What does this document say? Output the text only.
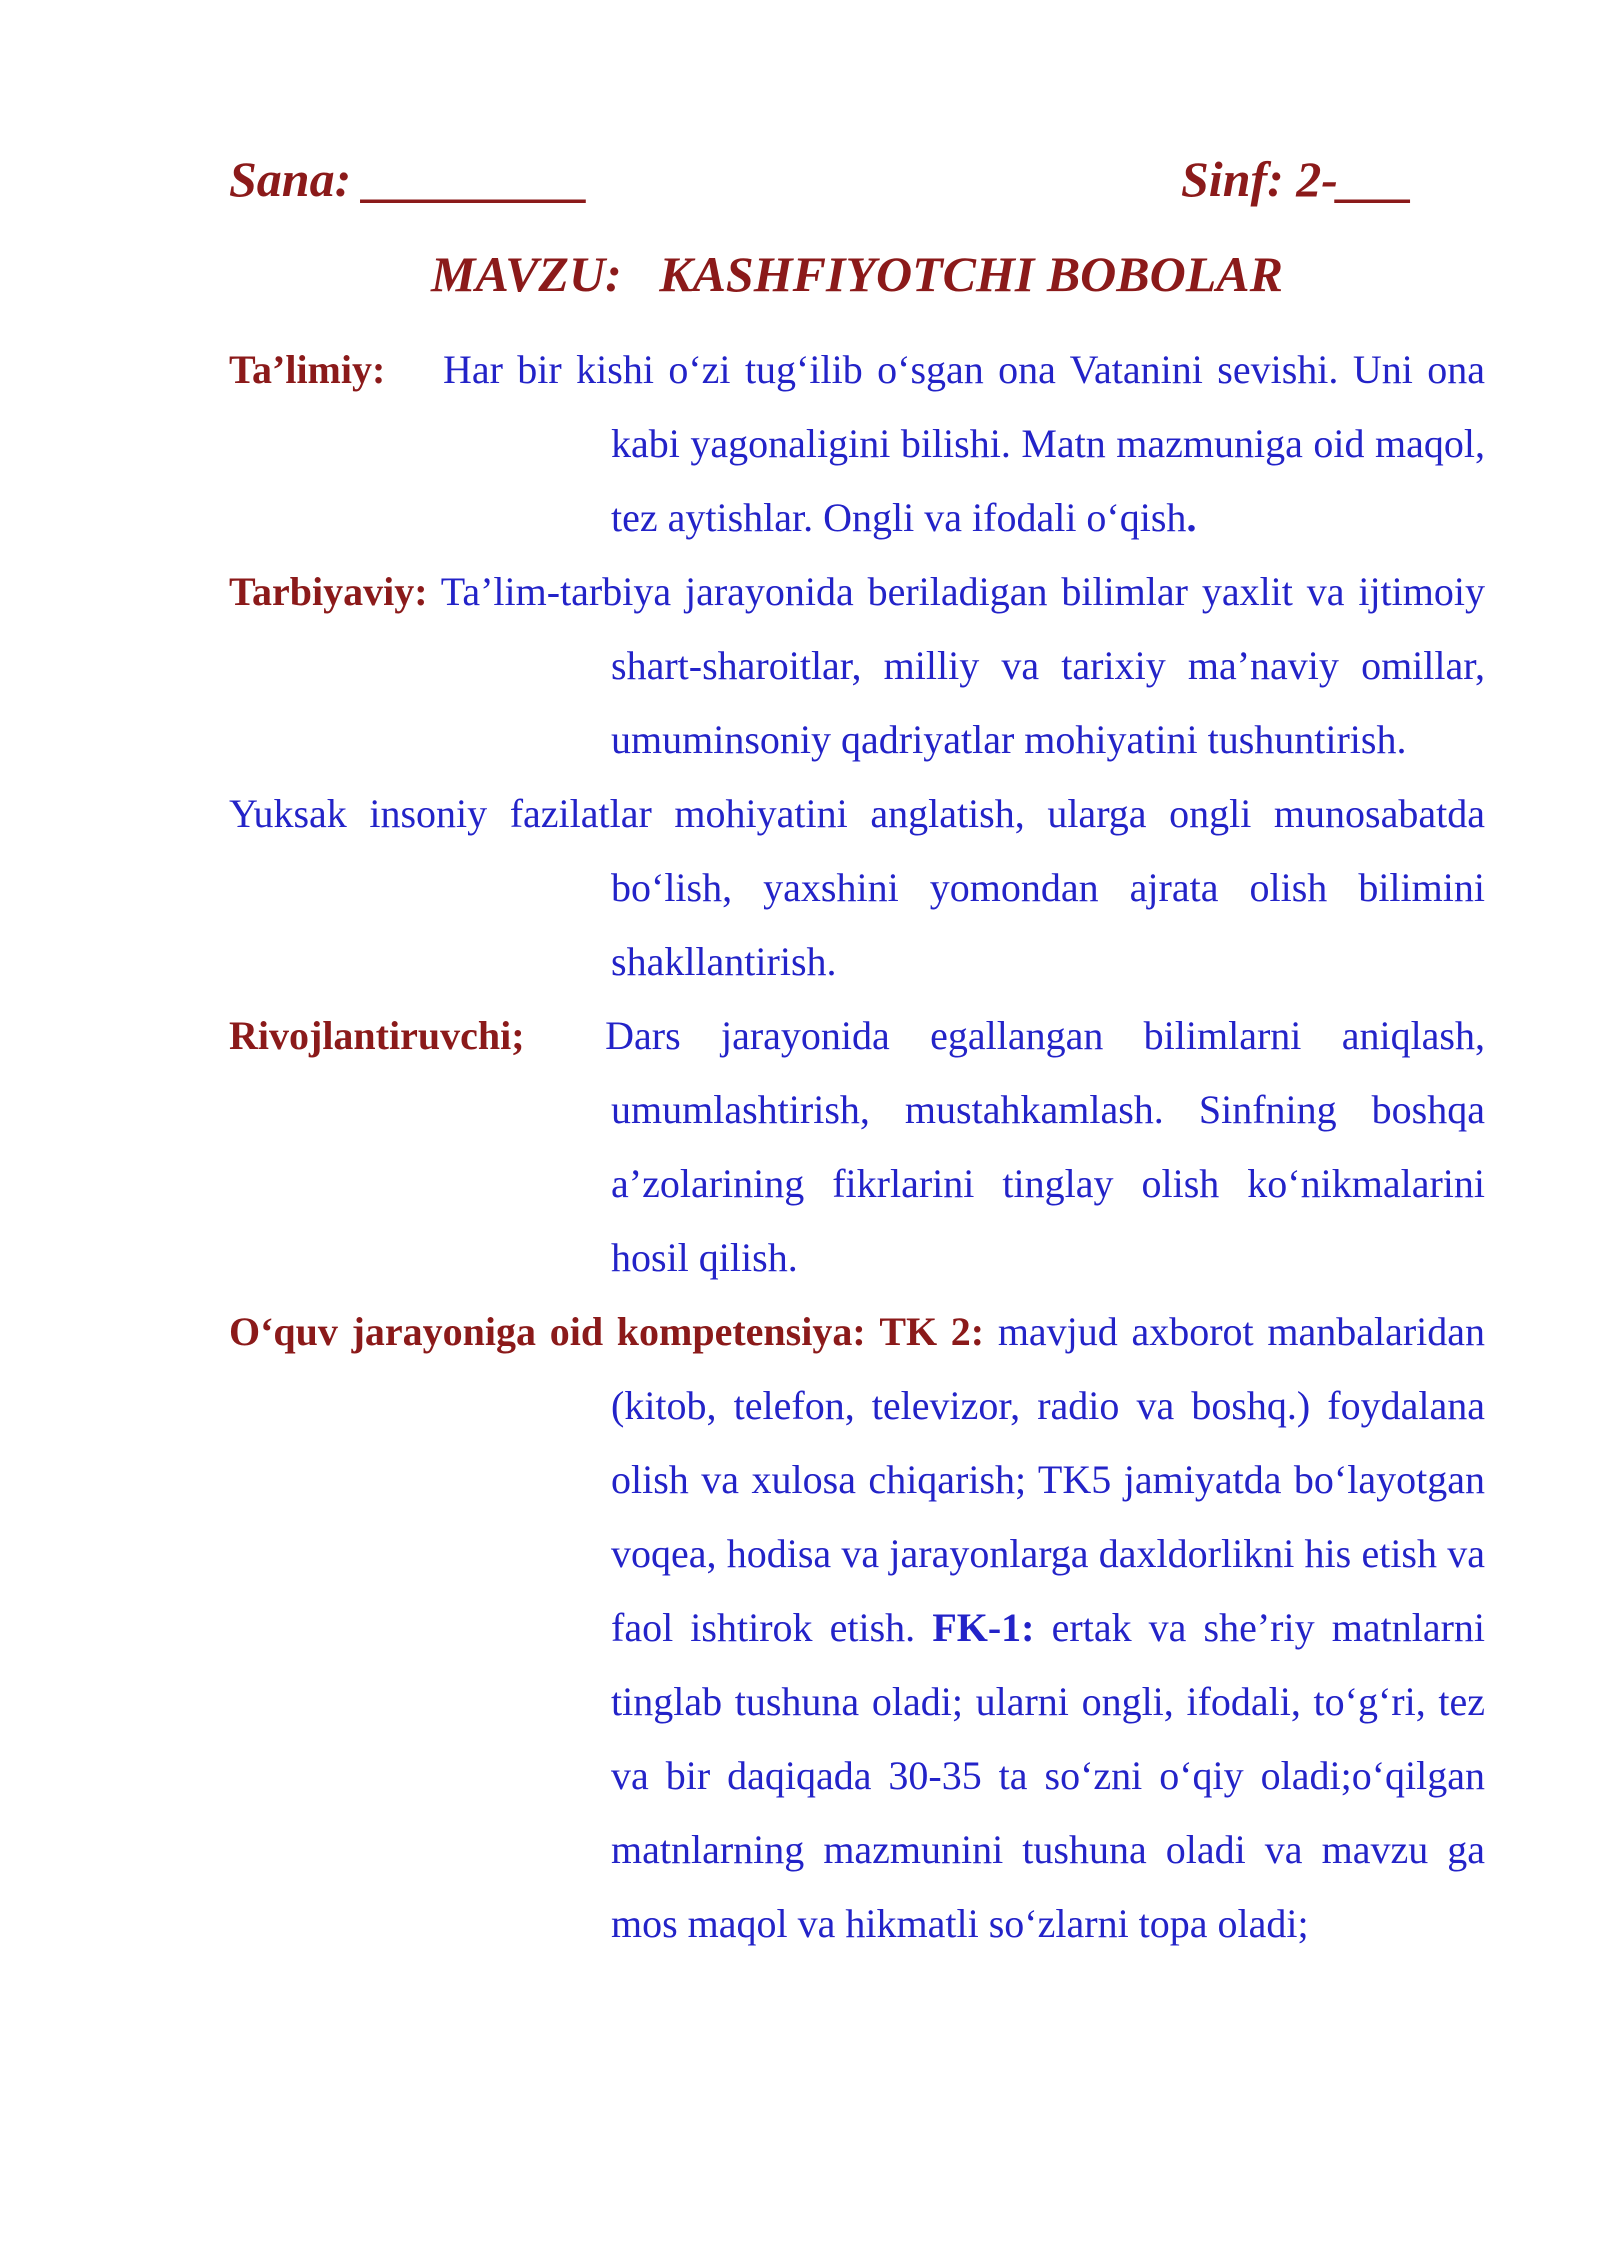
Sana: _________	Sinf: 2-___
MAVZU:   KASHFIYOTCHI BOBOLAR

Ta’limiy: Har bir kishi o‘zi tug‘ilib o‘sgan ona Vatanini sevishi. Uni ona kabi yagonaligini bilishi. Matn mazmuniga oid maqol, tez aytishlar. Ongli va ifodali o‘qish.

Tarbiyaviy: Ta’lim-tarbiya jarayonida beriladigan bilimlar yaxlit va ijtimoiy shart-sharoitlar, milliy va tarixiy ma’naviy omillar, umuminsoniy qadriyatlar mohiyatini tushuntirish.

Yuksak insoniy fazilatlar mohiyatini anglatish, ularga ongli munosabatda bo‘lish, yaxshini yomondan ajrata olish bilimini shakllantirish.

Rivojlantiruvchi; Dars jarayonida egallangan bilimlarni aniqlash, umumlashtirish, mustahkamlash. Sinfning boshqa a’zolarining fikrlarini tinglay olish ko‘nikmalarini hosil qilish.

O‘quv jarayoniga oid kompetensiya: TK 2: mavjud axborot manbalaridan (kitob, telefon, televizor, radio va boshq.) foydalana olish va xulosa chiqarish; TK5 jamiyatda bo‘layotgan voqea, hodisa va jarayonlarga daxldorlikni his etish va faol ishtirok etish. FK-1: ertak va she’riy matnlarni tinglab tushuna oladi; ularni ongli, ifodali, to‘g‘ri, tez va bir daqiqada 30-35 ta so‘zni o‘qiy oladi;o‘qilgan matnlarning mazmunini tushuna oladi va mavzu ga mos maqol va hikmatli so‘zlarni topa oladi;
